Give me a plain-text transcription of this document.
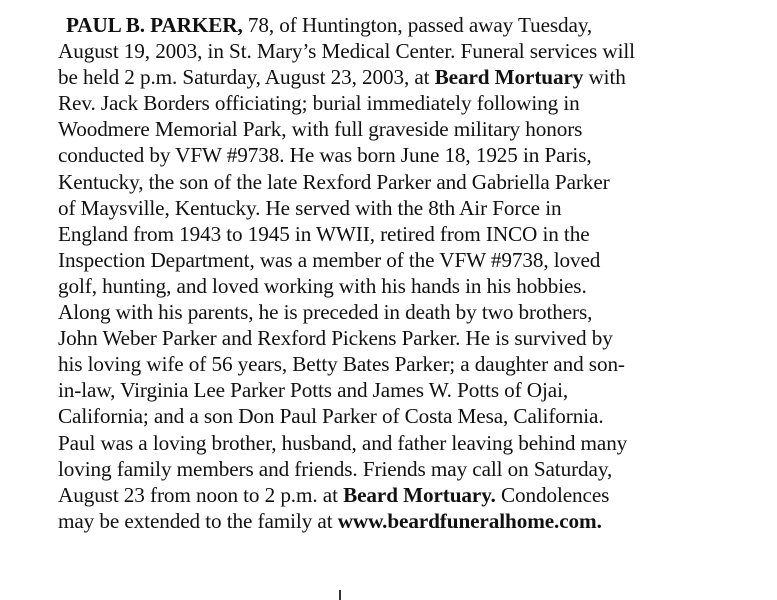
PAUL B. PARKER, 78, of Huntington, passed away Tuesday,
August 19, 2003, in St. Mary’s Medical Center. Funeral services will
be held 2 p.m. Saturday, August 23, 2003, at Beard Mortuary with
Rev. Jack Borders officiating; burial immediately following in
Woodmere Memorial Park, with full graveside military honors
conducted by VFW #9738. He was born June 18, 1925 in Paris,
Kentucky, the son of the late Rexford Parker and Gabriella Parker
of Maysville, Kentucky. He served with the 8th Air Force in
England from 1943 to 1945 in WWII, retired from INCO in the
Inspection Department, was a member of the VFW #9738, loved
golf, hunting, and loved working with his hands in his hobbies.
Along with his parents, he is preceded in death by two brothers,
John Weber Parker and Rexford Pickens Parker. He is survived by
his loving wife of 56 years, Betty Bates Parker; a daughter and son-
in-law, Virginia Lee Parker Potts and James W. Potts of Ojai,
California; and a son Don Paul Parker of Costa Mesa, California.
Paul was a loving brother, husband, and father leaving behind many
loving family members and friends. Friends may call on Saturday,
August 23 from noon to 2 p.m. at Beard Mortuary. Condolences
may be extended to the family at www.beardfuneralhome.com.
